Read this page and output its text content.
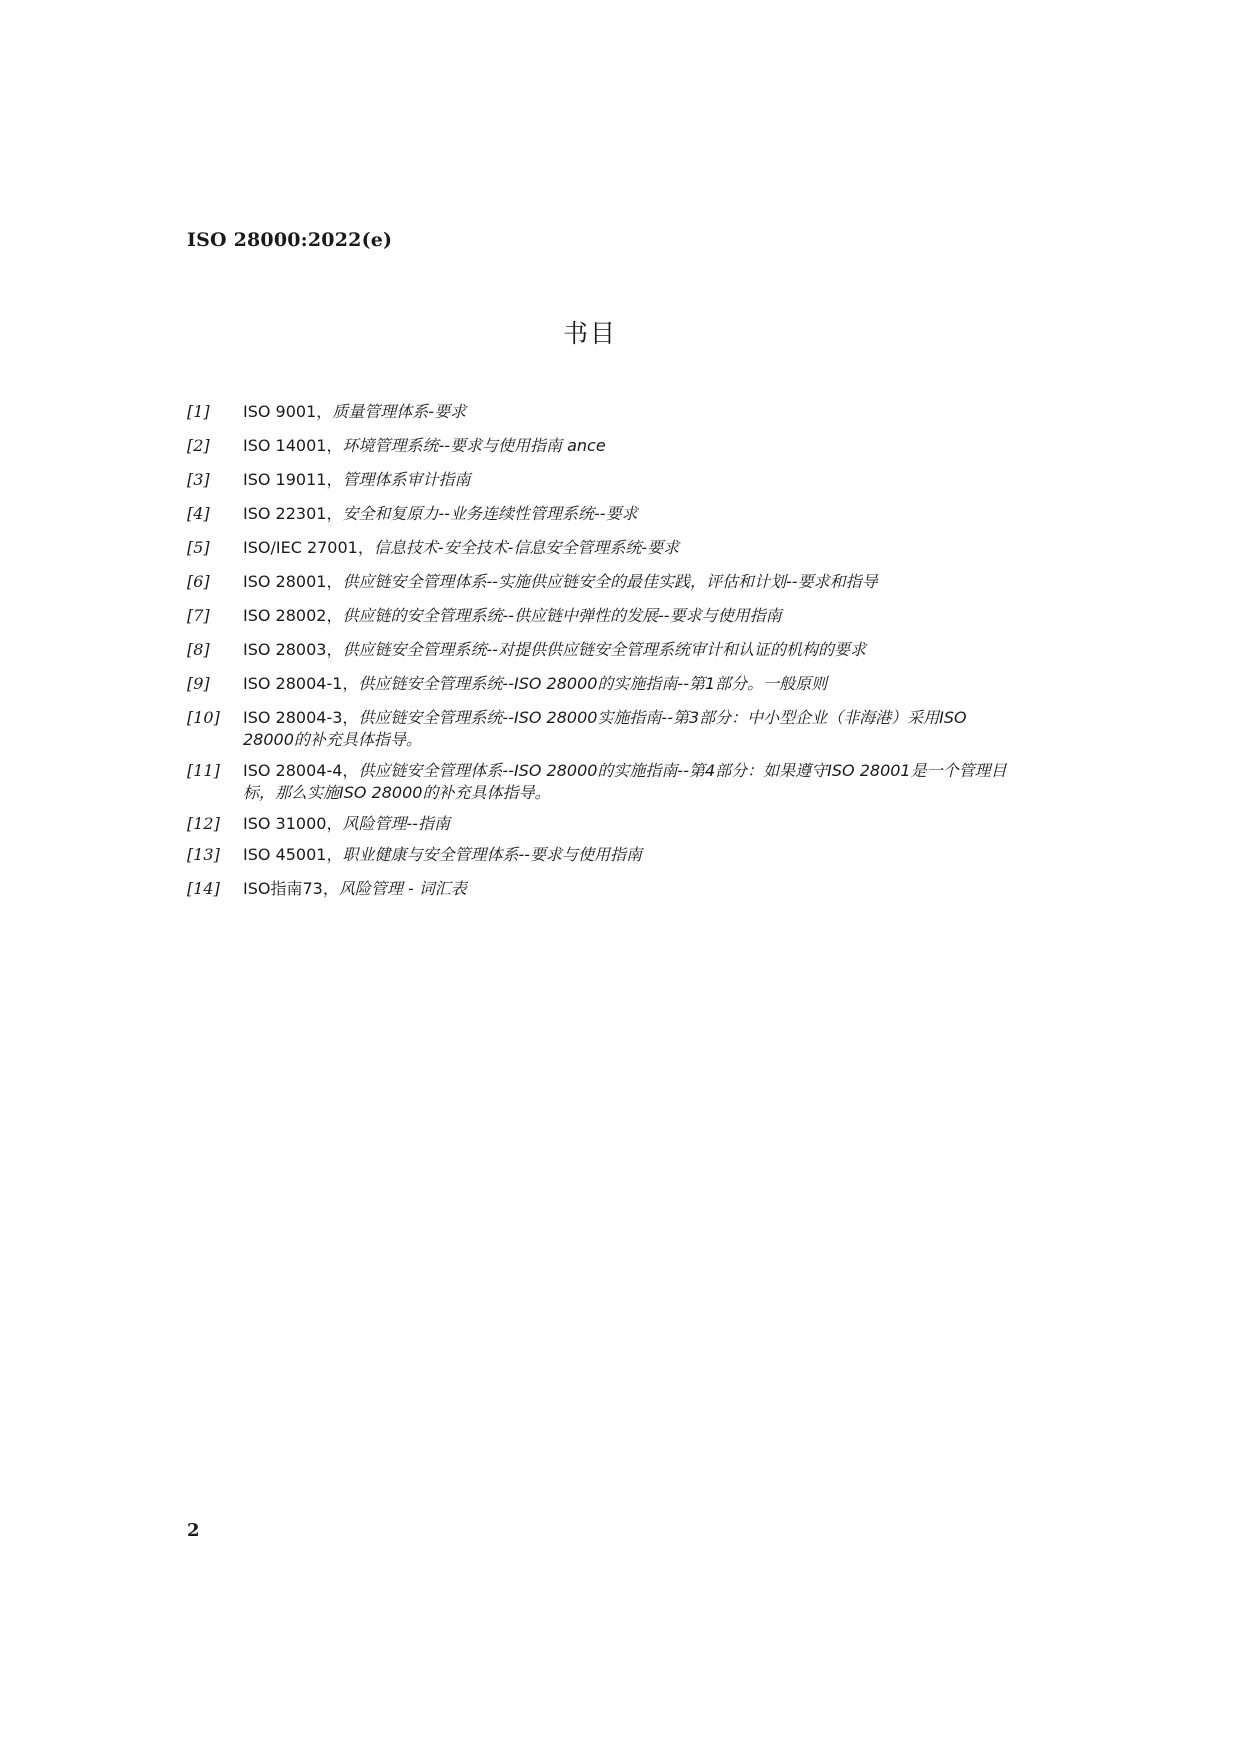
ISO 28000:2022(e)
书目
[1] ISO 9001，质量管理体系-要求
[2] ISO 14001，环境管理系统--要求与使用指南 ance
[3] ISO 19011，管理体系审计指南
[4] ISO 22301，安全和复原力--业务连续性管理系统--要求
[5] ISO/IEC 27001，信息技术-安全技术-信息安全管理系统-要求
[6] ISO 28001，供应链安全管理体系--实施供应链安全的最佳实践，评估和计划--要求和指导
[7] ISO 28002，供应链的安全管理系统--供应链中弹性的发展--要求与使用指南
[8] ISO 28003，供应链安全管理系统--对提供供应链安全管理系统审计和认证的机构的要求
[9] ISO 28004-1，供应链安全管理系统--ISO 28000的实施指南--第1部分。一般原则
[10] ISO 28004-3，供应链安全管理系统--ISO 28000实施指南--第3部分：中小型企业（非海港）采用ISO 28000的补充具体指导。
[11] ISO 28004-4，供应链安全管理体系--ISO 28000的实施指南--第4部分：如果遵守ISO 28001是一个管理目标，那么实施ISO 28000的补充具体指导。
[12] ISO 31000，风险管理--指南
[13] ISO 45001，职业健康与安全管理体系--要求与使用指南
[14] ISO指南73，风险管理 - 词汇表
2
